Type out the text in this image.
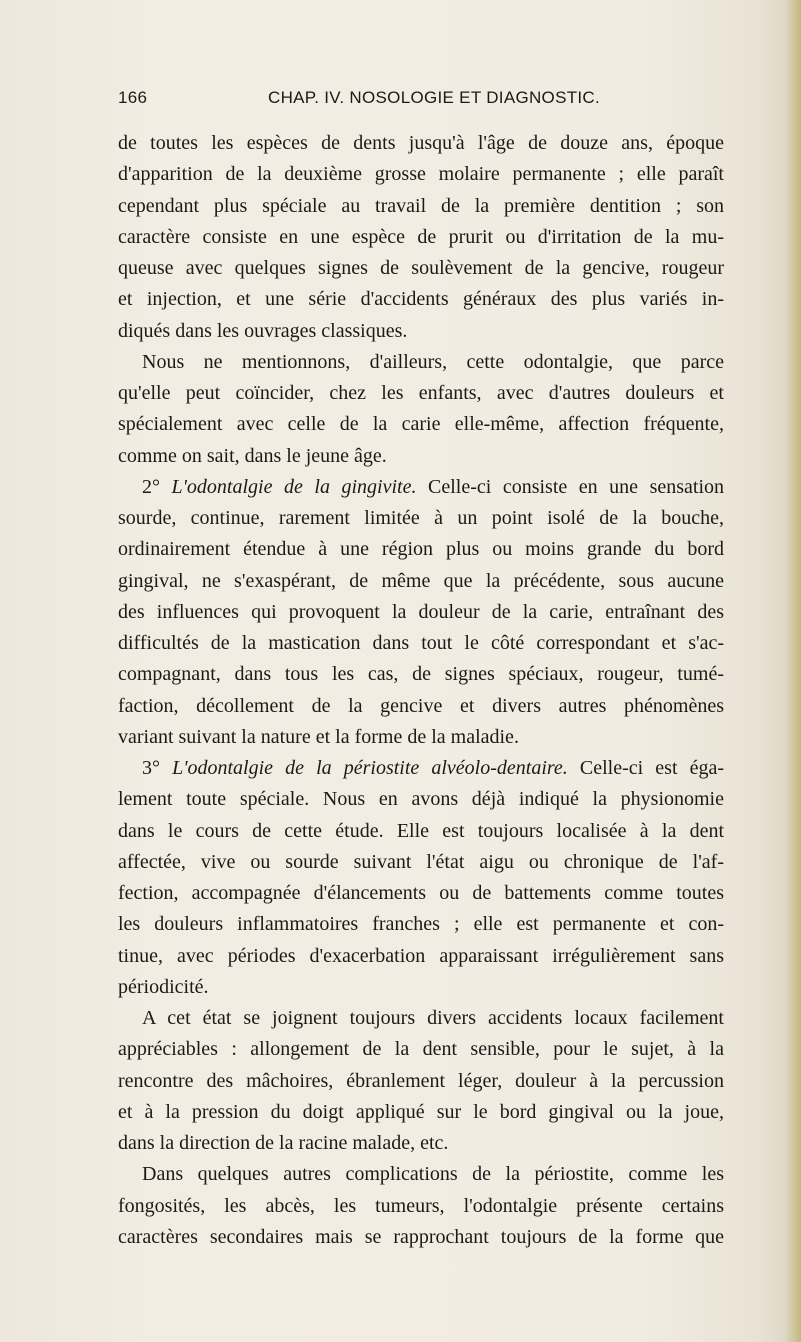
166	CHAP. IV. NOSOLOGIE ET DIAGNOSTIC.
de toutes les espèces de dents jusqu'à l'âge de douze ans, époque
d'apparition de la deuxième grosse molaire permanente ; elle paraît
cependant plus spéciale au travail de la première dentition ; son
caractère consiste en une espèce de prurit ou d'irritation de la mu-
queuse avec quelques signes de soulèvement de la gencive, rougeur
et injection, et une série d'accidents généraux des plus variés in-
diqués dans les ouvrages classiques.
Nous ne mentionnons, d'ailleurs, cette odontalgie, que parce
qu'elle peut coïncider, chez les enfants, avec d'autres douleurs et
spécialement avec celle de la carie elle-même, affection fréquente,
comme on sait, dans le jeune âge.
2° L'odontalgie de la gingivite. Celle-ci consiste en une sensation
sourde, continue, rarement limitée à un point isolé de la bouche,
ordinairement étendue à une région plus ou moins grande du bord
gingival, ne s'exaspérant, de même que la précédente, sous aucune
des influences qui provoquent la douleur de la carie, entraînant des
difficultés de la mastication dans tout le côté correspondant et s'ac-
compagnant, dans tous les cas, de signes spéciaux, rougeur, tumé-
faction, décollement de la gencive et divers autres phénomènes
variant suivant la nature et la forme de la maladie.
3° L'odontalgie de la périostite alvéolo-dentaire. Celle-ci est éga-
lement toute spéciale. Nous en avons déjà indiqué la physionomie
dans le cours de cette étude. Elle est toujours localisée à la dent
affectée, vive ou sourde suivant l'état aigu ou chronique de l'af-
fection, accompagnée d'élancements ou de battements comme toutes
les douleurs inflammatoires franches ; elle est permanente et con-
tinue, avec périodes d'exacerbation apparaissant irrégulièrement sans
périodicité.
A cet état se joignent toujours divers accidents locaux facilement
appréciables : allongement de la dent sensible, pour le sujet, à la
rencontre des mâchoires, ébranlement léger, douleur à la percussion
et à la pression du doigt appliqué sur le bord gingival ou la joue,
dans la direction de la racine malade, etc.
Dans quelques autres complications de la périostite, comme les
fongosités, les abcès, les tumeurs, l'odontalgie présente certains
caractères secondaires mais se rapprochant toujours de la forme que
